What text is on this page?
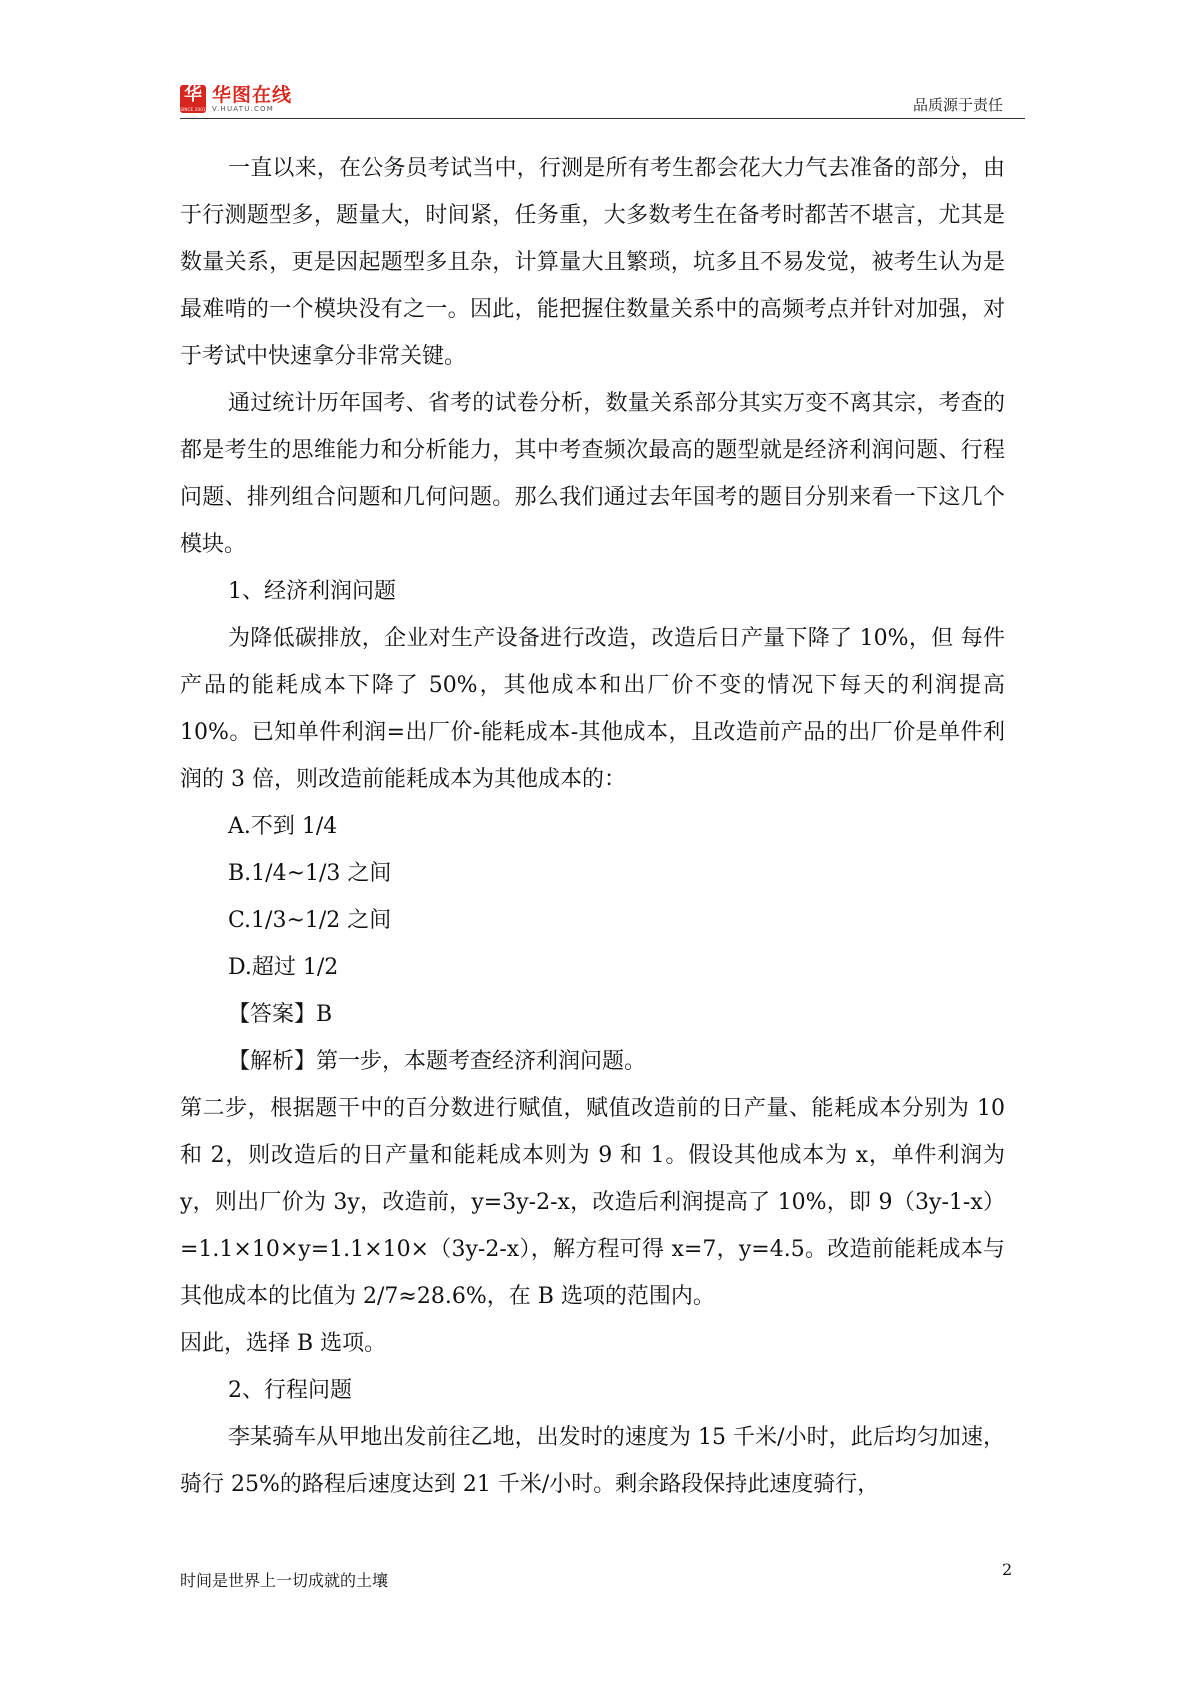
华
SINCE 2001
华图在线
V.HUATU.COM	品质源于责任

一直以来，在公务员考试当中，行测是所有考生都会花大力气去准备的部分，由于行测题型多，题量大，时间紧，任务重，大多数考生在备考时都苦不堪言，尤其是数量关系，更是因起题型多且杂，计算量大且繁琐，坑多且不易发觉，被考生认为是最难啃的一个模块没有之一。因此，能把握住数量关系中的高频考点并针对加强，对于考试中快速拿分非常关键。

通过统计历年国考、省考的试卷分析，数量关系部分其实万变不离其宗，考查的都是考生的思维能力和分析能力，其中考查频次最高的题型就是经济利润问题、行程问题、排列组合问题和几何问题。那么我们通过去年国考的题目分别来看一下这几个模块。

1、经济利润问题

为降低碳排放，企业对生产设备进行改造，改造后日产量下降了 10%，但 每件产品的能耗成本下降了 50%，其他成本和出厂价不变的情况下每天的利润提高 10%。已知单件利润=出厂价-能耗成本-其他成本，且改造前产品的出厂价是单件利润的 3 倍，则改造前能耗成本为其他成本的：

A.不到 1/4

B.1/4~1/3 之间

C.1/3~1/2 之间

D.超过 1/2

【答案】B

【解析】第一步，本题考查经济利润问题。

第二步，根据题干中的百分数进行赋值，赋值改造前的日产量、能耗成本分别为 10 和 2，则改造后的日产量和能耗成本则为 9 和 1。假设其他成本为 x，单件利润为 y，则出厂价为 3y，改造前，y=3y-2-x，改造后利润提高了 10%，即 9（3y-1-x）=1.1×10×y=1.1×10×（3y-2-x），解方程可得 x=7，y=4.5。改造前能耗成本与其他成本的比值为 2/7≈28.6%，在 B 选项的范围内。

因此，选择 B 选项。

2、行程问题

李某骑车从甲地出发前往乙地，出发时的速度为 15 千米/小时，此后均匀加速，骑行 25%的路程后速度达到 21 千米/小时。剩余路段保持此速度骑行，

时间是世界上一切成就的土壤
2
